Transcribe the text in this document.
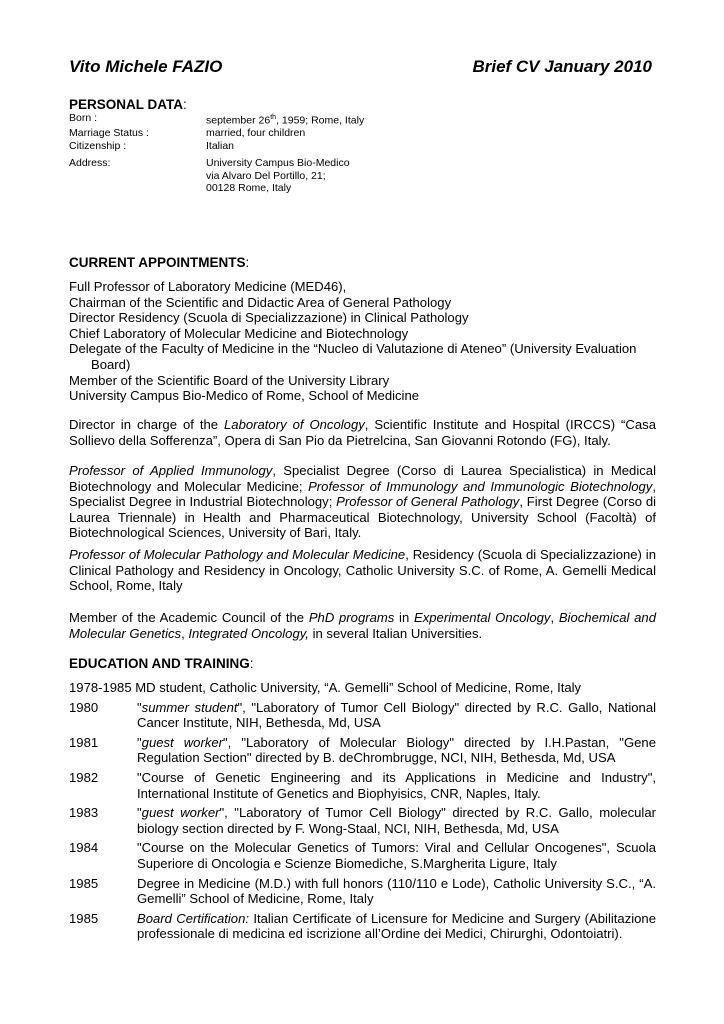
Vito Michele FAZIO	Brief CV January 2010
PERSONAL DATA:
Born :	september 26th, 1959; Rome, Italy
Marriage Status :	married, four children
Citizenship :	Italian
Address:	University Campus Bio-Medico
via Alvaro Del Portillo, 21;
00128 Rome, Italy
CURRENT APPOINTMENTS:
Full Professor of Laboratory Medicine (MED46),
Chairman of the Scientific and Didactic Area of General Pathology
Director Residency (Scuola di Specializzazione) in Clinical Pathology
Chief Laboratory of Molecular Medicine and Biotechnology
Delegate of the Faculty of Medicine in the “Nucleo di Valutazione di Ateneo” (University Evaluation Board)
Member of the Scientific Board of the University Library
University Campus Bio-Medico of Rome, School of Medicine
Director in charge of the Laboratory of Oncology, Scientific Institute and Hospital (IRCCS) “Casa Sollievo della Sofferenza”, Opera di San Pio da Pietrelcina, San Giovanni Rotondo (FG), Italy.
Professor of Applied Immunology, Specialist Degree (Corso di Laurea Specialistica) in Medical Biotechnology and Molecular Medicine; Professor of Immunology and Immunologic Biotechnology, Specialist Degree in Industrial Biotechnology; Professor of General Pathology, First Degree (Corso di Laurea Triennale) in Health and Pharmaceutical Biotechnology, University School (Facoltà) of Biotechnological Sciences, University of Bari, Italy.
Professor of Molecular Pathology and Molecular Medicine, Residency (Scuola di Specializzazione) in Clinical Pathology and Residency in Oncology, Catholic University S.C. of Rome, A. Gemelli Medical School, Rome, Italy
Member of the Academic Council of the PhD programs in Experimental Oncology, Biochemical and Molecular Genetics, Integrated Oncology, in several Italian Universities.
EDUCATION AND TRAINING:
1978-1985 MD student, Catholic University, “A. Gemelli” School of Medicine, Rome, Italy
1980	"summer student", "Laboratory of Tumor Cell Biology" directed by R.C. Gallo, National Cancer Institute, NIH, Bethesda, Md, USA
1981	"guest worker", "Laboratory of Molecular Biology" directed by I.H.Pastan, "Gene Regulation Section" directed by B. deChrombrugge, NCI, NIH, Bethesda, Md, USA
1982	"Course of Genetic Engineering and its Applications in Medicine and Industry", International Institute of Genetics and Biophyisics, CNR, Naples, Italy.
1983	"guest worker", "Laboratory of Tumor Cell Biology" directed by R.C. Gallo, molecular biology section directed by F. Wong-Staal, NCI, NIH, Bethesda, Md, USA
1984	"Course on the Molecular Genetics of Tumors: Viral and Cellular Oncogenes", Scuola Superiore di Oncologia e Scienze Biomediche, S.Margherita Ligure, Italy
1985	Degree in Medicine (M.D.) with full honors (110/110 e Lode), Catholic University S.C., “A. Gemelli” School of Medicine, Rome, Italy
1985	Board Certification: Italian Certificate of Licensure for Medicine and Surgery (Abilitazione professionale di medicina ed iscrizione all’Ordine dei Medici, Chirurghi, Odontoiatri).
